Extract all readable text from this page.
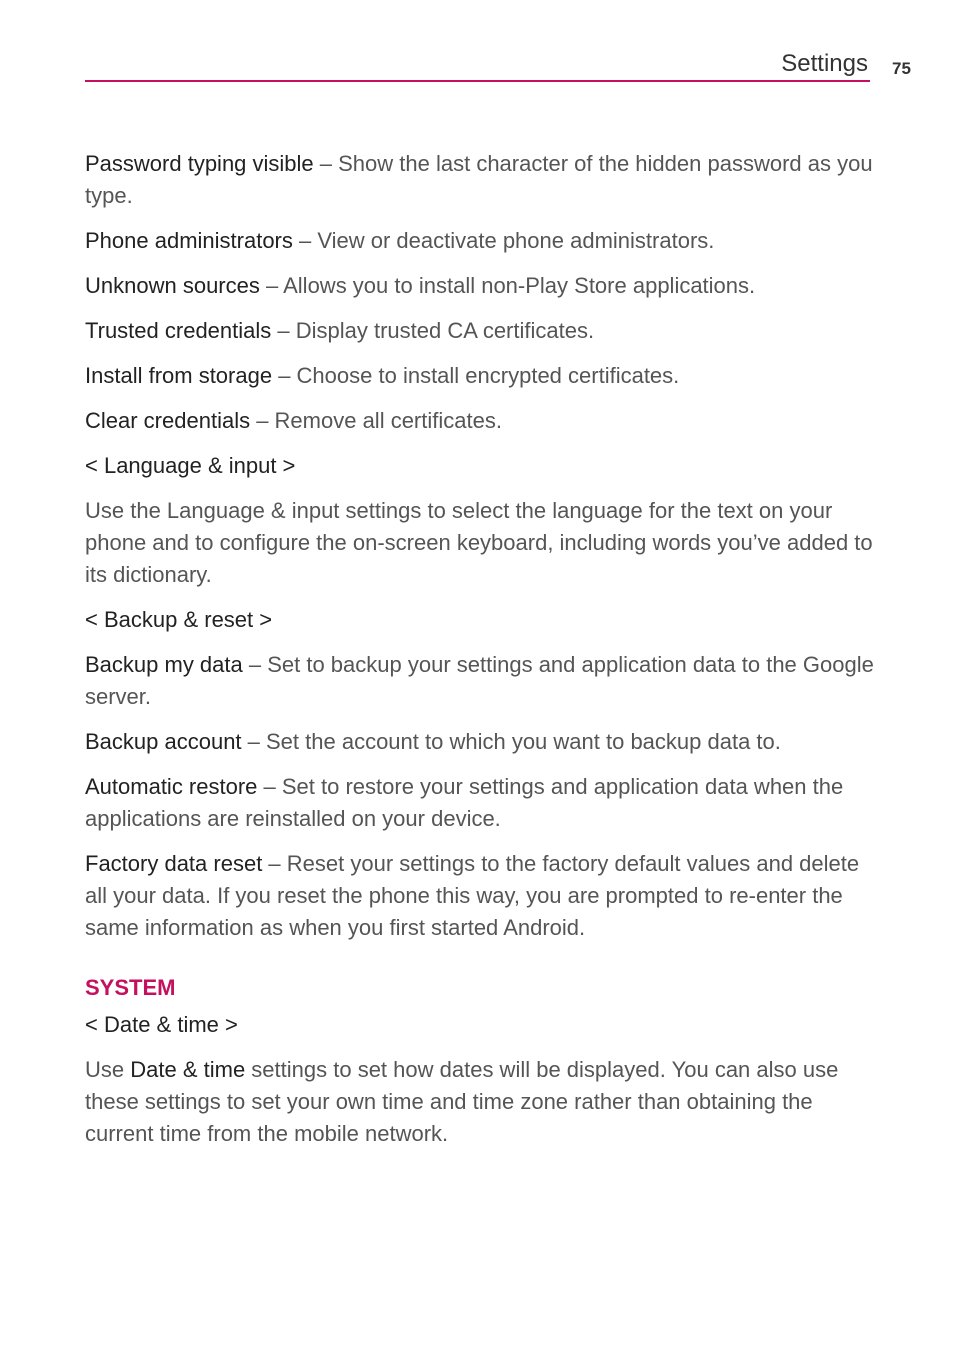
Settings 75

Password typing visible – Show the last character of the hidden password as you type.

Phone administrators – View or deactivate phone administrators.

Unknown sources – Allows you to install non-Play Store applications.

Trusted credentials – Display trusted CA certificates.

Install from storage – Choose to install encrypted certificates.

Clear credentials – Remove all certificates.

< Language & input >

Use the Language & input settings to select the language for the text on your phone and to configure the on-screen keyboard, including words you’ve added to its dictionary.

< Backup & reset >

Backup my data – Set to backup your settings and application data to the Google server.

Backup account – Set the account to which you want to backup data to.

Automatic restore – Set to restore your settings and application data when the applications are reinstalled on your device.

Factory data reset – Reset your settings to the factory default values and delete all your data. If you reset the phone this way, you are prompted to re-enter the same information as when you first started Android.

SYSTEM

< Date & time >

Use Date & time settings to set how dates will be displayed. You can also use these settings to set your own time and time zone rather than obtaining the current time from the mobile network.
